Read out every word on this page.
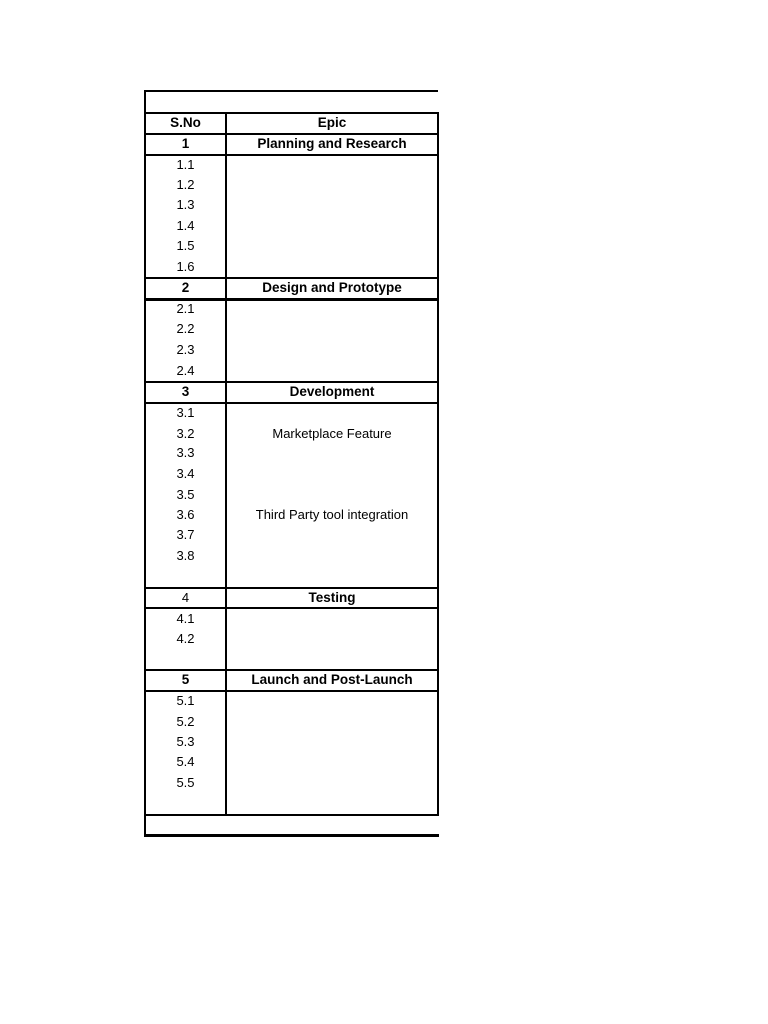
S.No	Epic
1	Planning and Research
1.1
1.2
1.3
1.4
1.5
1.6
2	Design and Prototype
2.1
2.2
2.3
2.4
3	Development
3.1
3.2	Marketplace Feature
3.3
3.4
3.5
3.6	Third Party tool integration
3.7
3.8
4	Testing
4.1
4.2
5	Launch and Post-Launch
5.1
5.2
5.3
5.4
5.5
